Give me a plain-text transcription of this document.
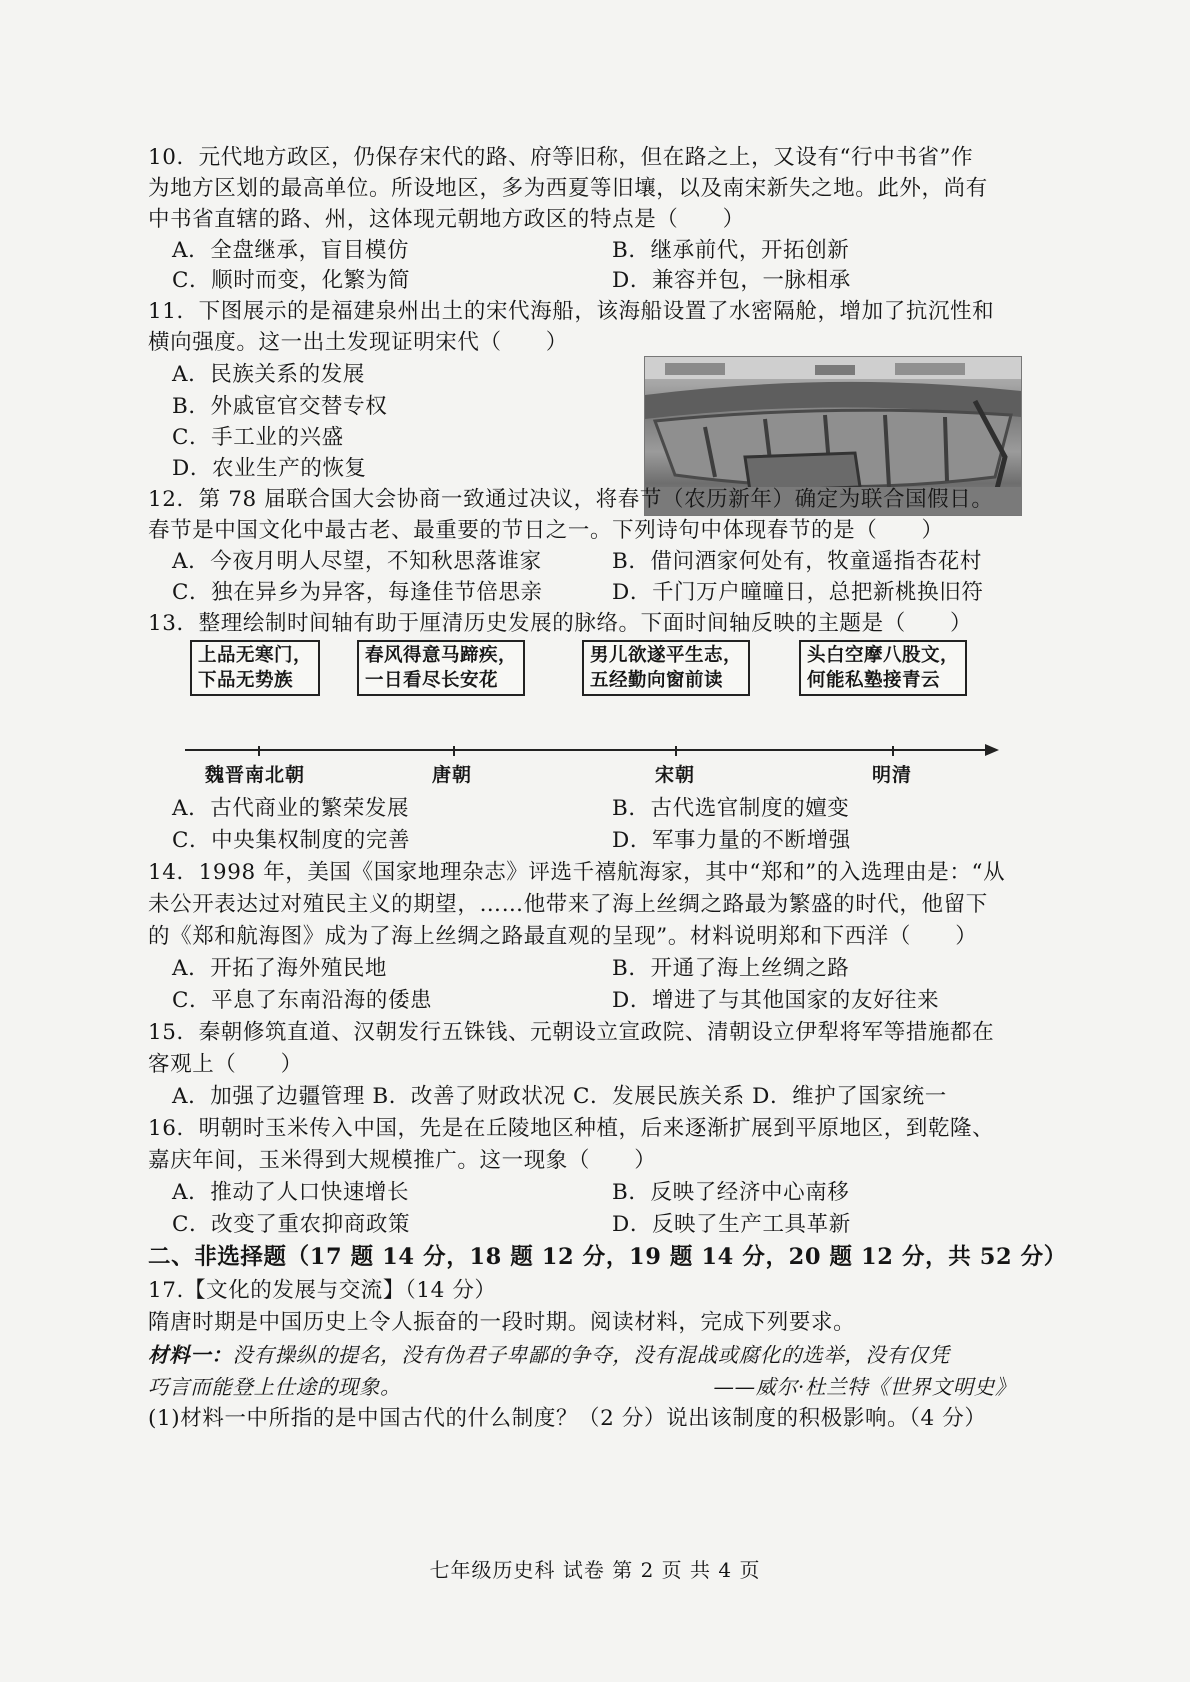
10．元代地方政区，仍保存宋代的路、府等旧称，但在路之上，又设有“行中书省”作
为地方区划的最高单位。所设地区，多为西夏等旧壤，以及南宋新失之地。此外，尚有
中书省直辖的路、州，这体现元朝地方政区的特点是（　　）
A．全盘继承，盲目模仿	B．继承前代，开拓创新
C．顺时而变，化繁为简	D．兼容并包，一脉相承
11．下图展示的是福建泉州出土的宋代海船，该海船设置了水密隔舱，增加了抗沉性和
横向强度。这一出土发现证明宋代（　　）
A．民族关系的发展
B．外戚宦官交替专权
C．手工业的兴盛
D．农业生产的恢复
12．第 78 届联合国大会协商一致通过决议，将春节（农历新年）确定为联合国假日。
春节是中国文化中最古老、最重要的节日之一。下列诗句中体现春节的是（　　）
A．今夜月明人尽望，不知秋思落谁家	B．借问酒家何处有，牧童遥指杏花村
C．独在异乡为异客，每逢佳节倍思亲	D．千门万户曈曈日，总把新桃换旧符
13．整理绘制时间轴有助于厘清历史发展的脉络。下面时间轴反映的主题是（　　）
上品无寒门，
下品无势族
春风得意马蹄疾，
一日看尽长安花
男儿欲遂平生志，
五经勤向窗前读
头白空摩八股文，
何能私塾接青云
魏晋南北朝	唐朝	宋朝	明清
A．古代商业的繁荣发展	B．古代选官制度的嬗变
C．中央集权制度的完善	D．军事力量的不断增强
14．1998 年，美国《国家地理杂志》评选千禧航海家，其中“郑和”的入选理由是：“从
未公开表达过对殖民主义的期望，……他带来了海上丝绸之路最为繁盛的时代，他留下
的《郑和航海图》成为了海上丝绸之路最直观的呈现”。材料说明郑和下西洋（　　）
A．开拓了海外殖民地	B．开通了海上丝绸之路
C．平息了东南沿海的倭患	D．增进了与其他国家的友好往来
15．秦朝修筑直道、汉朝发行五铢钱、元朝设立宣政院、清朝设立伊犁将军等措施都在
客观上（　　）
A．加强了边疆管理 B．改善了财政状况 C．发展民族关系 D．维护了国家统一
16．明朝时玉米传入中国，先是在丘陵地区种植，后来逐渐扩展到平原地区，到乾隆、
嘉庆年间，玉米得到大规模推广。这一现象（　　）
A．推动了人口快速增长	B．反映了经济中心南移
C．改变了重农抑商政策	D．反映了生产工具革新
二、非选择题（17 题 14 分，18 题 12 分，19 题 14 分，20 题 12 分，共 52 分）
17.【文化的发展与交流】（14 分）
隋唐时期是中国历史上令人振奋的一段时期。阅读材料，完成下列要求。
材料一：没有操纵的提名，没有伪君子卑鄙的争夺，没有混战或腐化的选举，没有仅凭
巧言而能登上仕途的现象。	——威尔·杜兰特《世界文明史》
(1)材料一中所指的是中国古代的什么制度？（2 分）说出该制度的积极影响。（4 分）
七年级历史科 试卷 第 2 页 共 4 页
